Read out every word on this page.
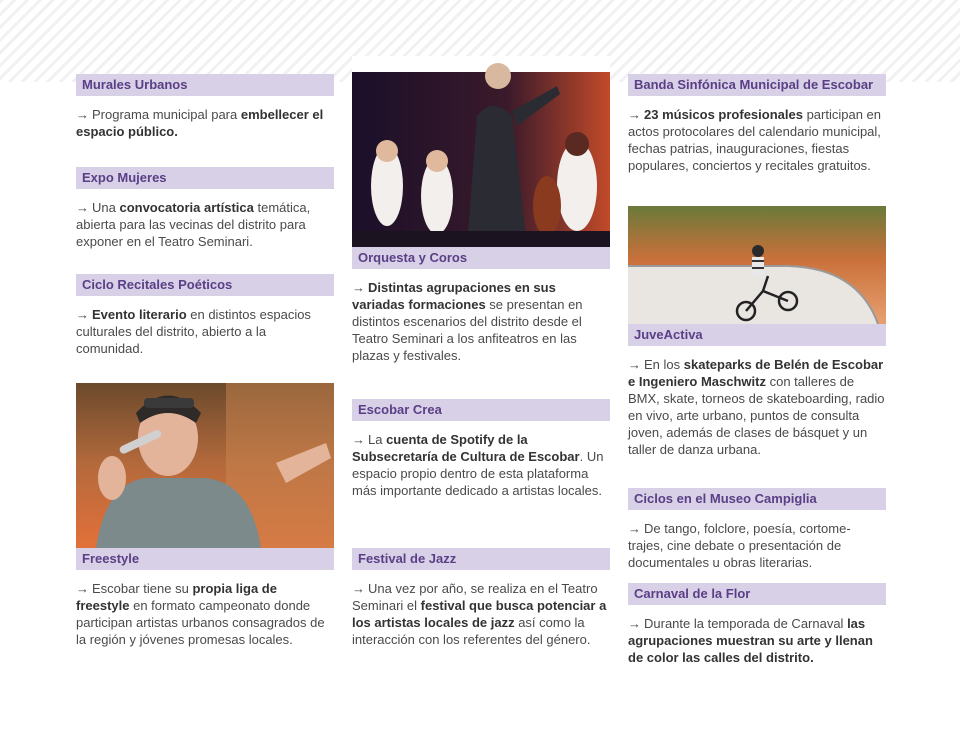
Murales Urbanos
→ Programa municipal para embellecer el espacio público.
Expo Mujeres
→ Una convocatoria artística temática, abierta para las vecinas del distrito para exponer en el Teatro Seminari.
Ciclo Recitales Poéticos
→ Evento literario en distintos espacios culturales del distrito, abierto a la comunidad.
Freestyle
→ Escobar tiene su propia liga de freestyle en formato campeonato donde participan artistas urbanos consagrados de la región y jóvenes promesas locales.
Orquesta y Coros
→ Distintas agrupaciones en sus variadas formaciones se presentan en distintos escenarios del distrito desde el Teatro Seminari a los anfiteatros en las plazas y festivales.
Escobar Crea
→ La cuenta de Spotify de la Subsecretaría de Cultura de Escobar. Un espacio propio dentro de esta plataforma más importante dedicado a artistas locales.
Festival de Jazz
→ Una vez por año, se realiza en el Teatro Seminari el festival que busca potenciar a los artistas locales de jazz así como la interacción con los referentes del género.
Banda Sinfónica Municipal de Escobar
→ 23 músicos profesionales participan en actos protocolares del calendario municipal, fechas patrias, inauguraciones, fiestas populares, conciertos y recitales gratuitos.
JuveActiva
→ En los skateparks de Belén de Escobar e Ingeniero Maschwitz con talleres de BMX, skate, torneos de skateboarding, radio en vivo, arte urbano, puntos de consulta joven, además de clases de básquet y un taller de danza urbana.
Ciclos en el Museo Campiglia
→ De tango, folclore, poesía, cortome-trajes, cine debate o presentación de documentales u obras literarias.
Carnaval de la Flor
→ Durante la temporada de Carnaval las agrupaciones muestran su arte y llenan de color las calles del distrito.
